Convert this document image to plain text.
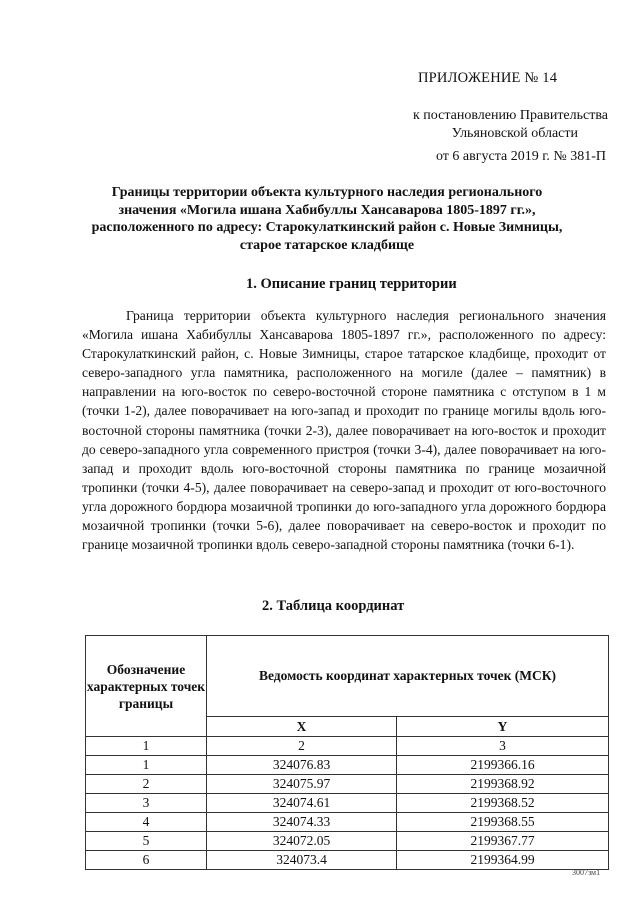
ПРИЛОЖЕНИЕ № 14
к постановлению Правительства
Ульяновской области
от 6 августа 2019 г. № 381-П
Границы территории объекта культурного наследия регионального значения «Могила ишана Хабибуллы Хансаварова 1805-1897 гг.», расположенного по адресу: Старокулаткинский район с. Новые Зимницы, старое татарское кладбище
1. Описание границ территории
Граница территории объекта культурного наследия регионального значения «Могила ишана Хабибуллы Хансаварова 1805-1897 гг.», расположенного по адресу: Старокулаткинский район, с. Новые Зимницы, старое татарское кладбище, проходит от северо-западного угла памятника, расположенного на могиле (далее – памятник) в направлении на юго-восток по северо-восточной стороне памятника с отступом в 1 м (точки 1-2), далее поворачивает на юго-запад и проходит по границе могилы вдоль юго-восточной стороны памятника (точки 2-3), далее поворачивает на юго-восток и проходит до северо-западного угла современного пристроя (точки 3-4), далее поворачивает на юго-запад и проходит вдоль юго-восточной стороны памятника по границе мозаичной тропинки (точки 4-5), далее поворачивает на северо-запад и проходит от юго-восточного угла дорожного бордюра мозаичной тропинки до юго-западного угла дорожного бордюра мозаичной тропинки (точки 5-6), далее поворачивает на северо-восток и проходит по границе мозаичной тропинки вдоль северо-западной стороны памятника (точки 6-1).
2. Таблица координат
Обозначение характерных точек границы	Ведомость координат характерных точек (МСК)	
	X	Y
1	2	3
1	324076.83	2199366.16
2	324075.97	2199368.92
3	324074.61	2199368.52
4	324074.33	2199368.55
5	324072.05	2199367.77
6	324073.4	2199364.99
3007зм1
